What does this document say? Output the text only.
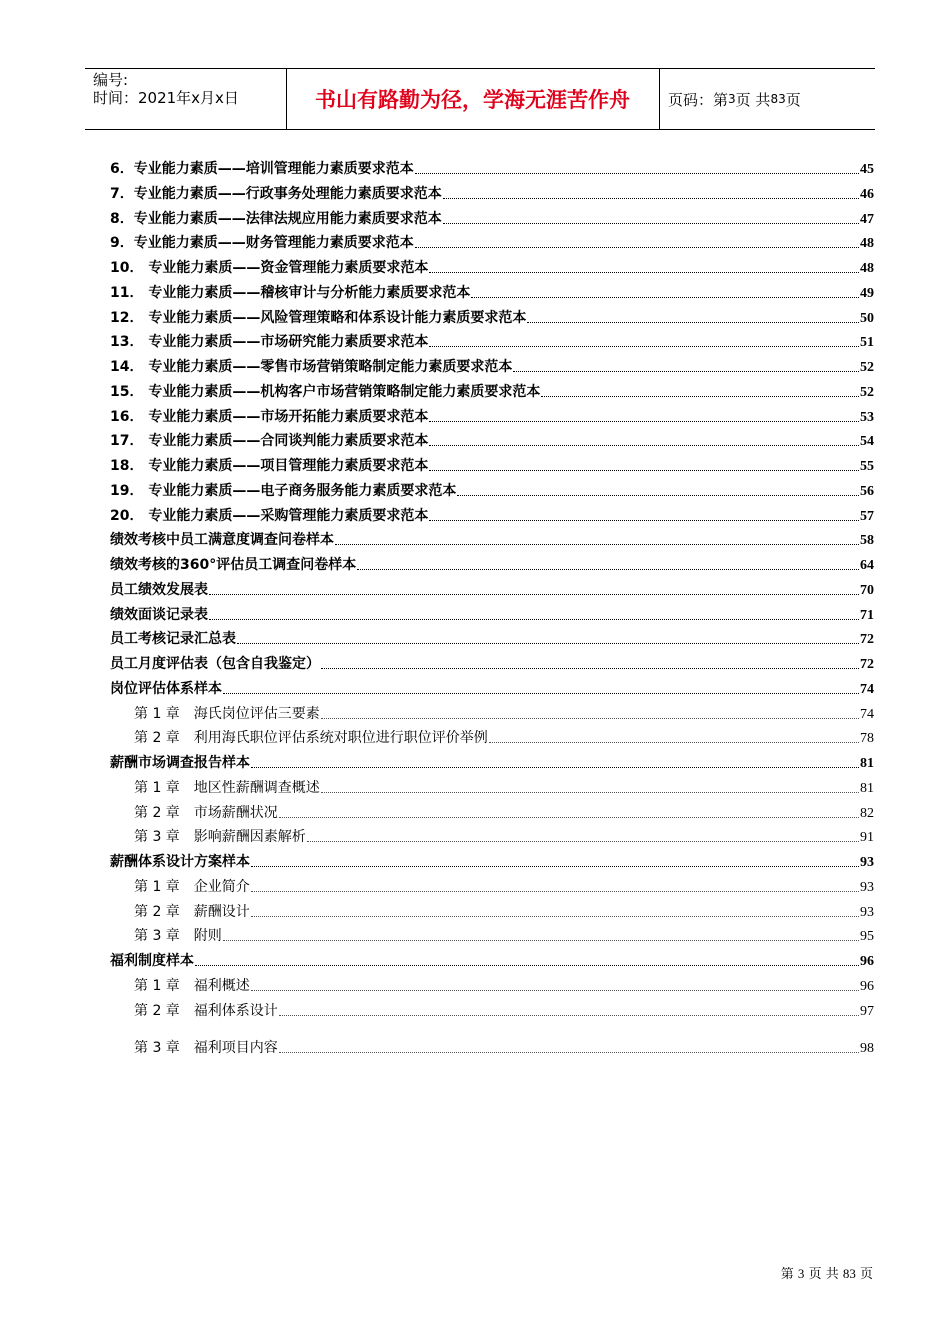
编号:
时间：2021年x月x日	书山有路勤为径，学海无涯苦作舟	页码：第 3 页 共 83 页
6．专业能力素质——培训管理能力素质要求范本	45
7．专业能力素质——行政事务处理能力素质要求范本	46
8．专业能力素质——法律法规应用能力素质要求范本	47
9．专业能力素质——财务管理能力素质要求范本	48
10． 专业能力素质——资金管理能力素质要求范本	48
11． 专业能力素质——稽核审计与分析能力素质要求范本	49
12． 专业能力素质——风险管理策略和体系设计能力素质要求范本	50
13． 专业能力素质——市场研究能力素质要求范本	51
14． 专业能力素质——零售市场营销策略制定能力素质要求范本	52
15． 专业能力素质——机构客户市场营销策略制定能力素质要求范本	52
16． 专业能力素质——市场开拓能力素质要求范本	53
17． 专业能力素质——合同谈判能力素质要求范本	54
18． 专业能力素质——项目管理能力素质要求范本	55
19． 专业能力素质——电子商务服务能力素质要求范本	56
20． 专业能力素质——采购管理能力素质要求范本	57
绩效考核中员工满意度调查问卷样本	58
绩效考核的360°评估员工调查问卷样本	64
员工绩效发展表	70
绩效面谈记录表	71
员工考核记录汇总表	72
员工月度评估表（包含自我鉴定）	72
岗位评估体系样本	74
第 1 章　海氏岗位评估三要素	74
第 2 章　利用海氏职位评估系统对职位进行职位评价举例	78
薪酬市场调查报告样本	81
第 1 章　地区性薪酬调查概述	81
第 2 章　市场薪酬状况	82
第 3 章　影响薪酬因素解析	91
薪酬体系设计方案样本	93
第 1 章　企业简介	93
第 2 章　薪酬设计	93
第 3 章　附则	95
福利制度样本	96
第 1 章　福利概述	96
第 2 章　福利体系设计	97
第 3 章　福利项目内容	98
第 3 页 共 83 页
